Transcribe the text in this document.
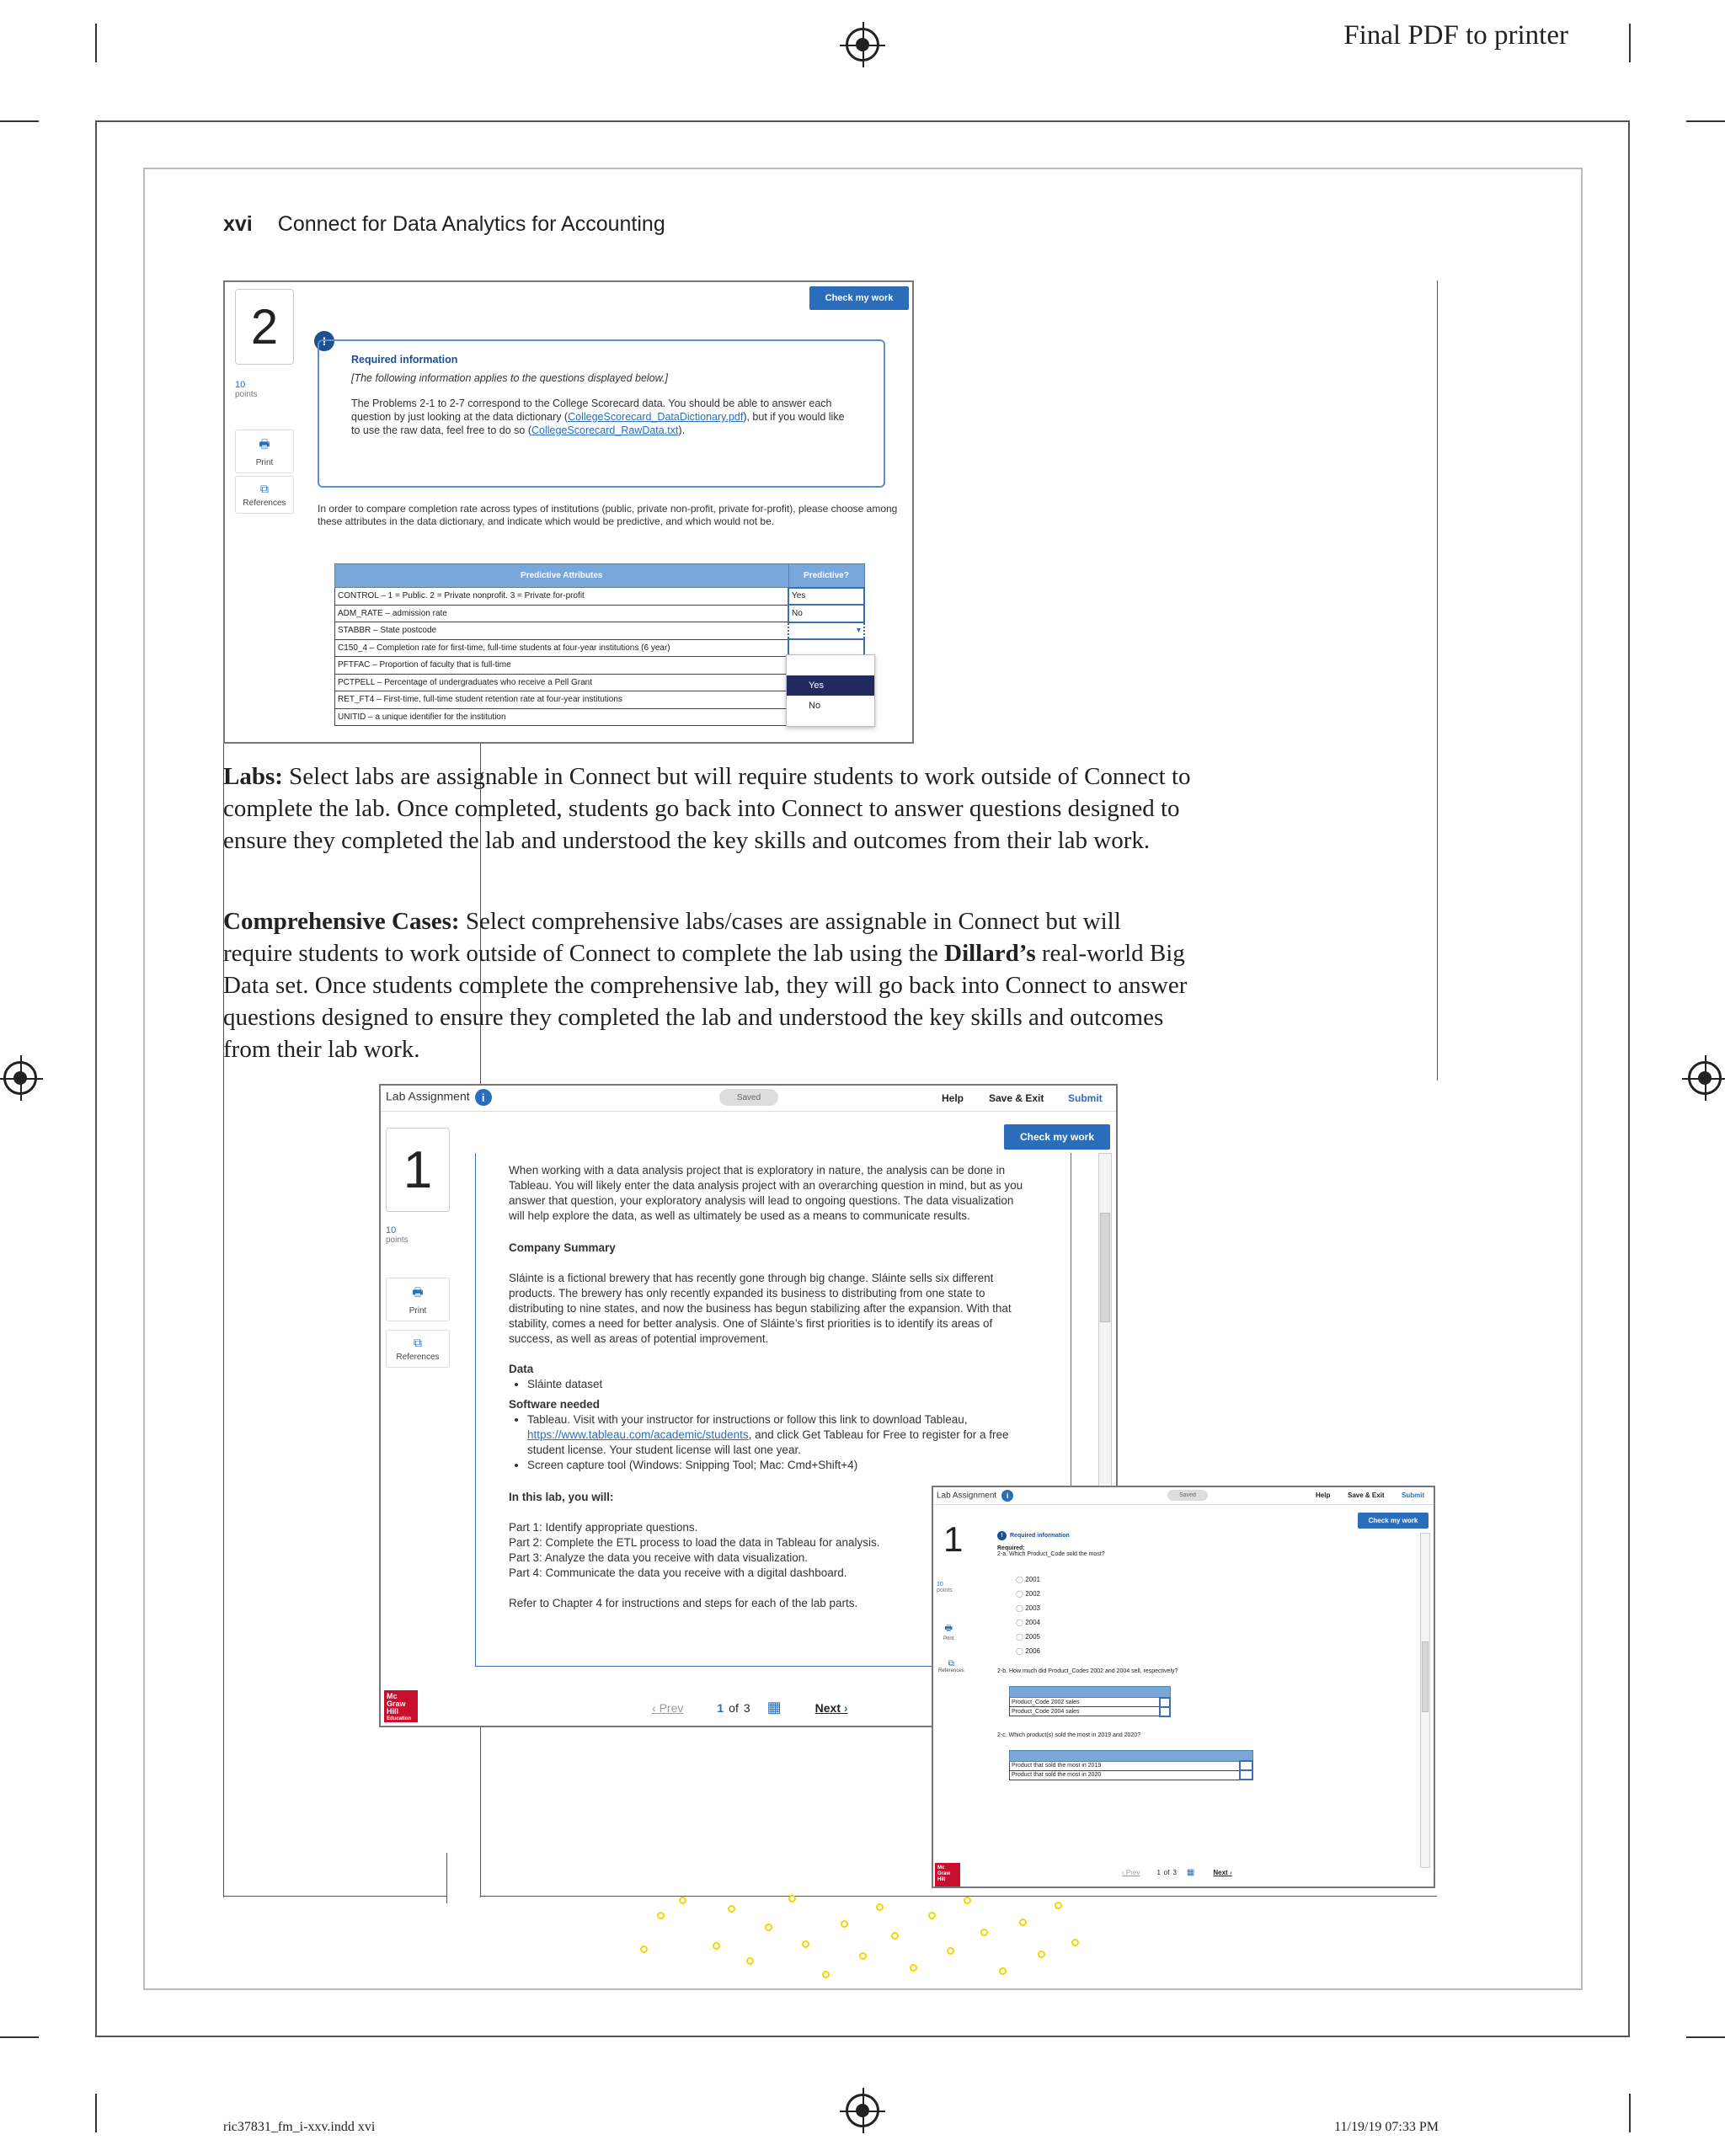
Final PDF to printer
xvi Connect for Data Analytics for Accounting
2
10
points
🖶
Print
⧉
References
Check my work
!
Required information

[The following information applies to the questions displayed below.]

The Problems 2-1 to 2-7 correspond to the College Scorecard data. You should be able to answer each question by just looking at the data dictionary (CollegeScorecard_DataDictionary.pdf), but if you would like to use the raw data, feel free to do so (CollegeScorecard_RawData.txt).

In order to compare completion rate across types of institutions (public, private non-profit, private for-profit), please choose among these attributes in the data dictionary, and indicate which would be predictive, and which would not be.
Predictive Attributes	Predictive?
CONTROL – 1 = Public. 2 = Private nonprofit. 3 = Private for-profit	Yes
ADM_RATE – admission rate	No
STABBR – State postcode	▾
C150_4 – Completion rate for first-time, full-time students at four-year institutions (6 year)	
PFTFAC – Proportion of faculty that is full-time	
PCTPELL – Percentage of undergraduates who receive a Pell Grant	
RET_FT4 – First-time, full-time student retention rate at four-year institutions	
UNITID – a unique identifier for the institution	
Yes
No
Labs: Select labs are assignable in Connect but will require students to work outside of Connect to complete the lab. Once completed, students go back into Connect to answer questions designed to ensure they completed the lab and understood the key skills and outcomes from their lab work.
Comprehensive Cases: Select comprehensive labs/cases are assignable in Connect but will require students to work outside of Connect to complete the lab using the Dillard’s real-world Big Data set. Once students complete the comprehensive lab, they will go back into Connect to answer questions designed to ensure they completed the lab and understood the key skills and outcomes from their lab work.
Lab Assignment i	Saved	Help Save & Exit Submit
Check my work
1
10
points
🖶
Print
⧉
References

When working with a data analysis project that is exploratory in nature, the analysis can be done in Tableau. You will likely enter the data analysis project with an overarching question in mind, but as you answer that question, your exploratory analysis will lead to ongoing questions. The data visualization will help explore the data, as well as ultimately be used as a means to communicate results.

Company Summary

Sláinte is a fictional brewery that has recently gone through big change. Sláinte sells six different products. The brewery has only recently expanded its business to distributing from one state to distributing to nine states, and now the business has begun stabilizing after the expansion. With that stability, comes a need for better analysis. One of Sláinte’s first priorities is to identify its areas of success, as well as areas of potential improvement.

Data
• Sláinte dataset
Software needed
• Tableau. Visit with your instructor for instructions or follow this link to download Tableau, https://www.tableau.com/academic/students, and click Get Tableau for Free to register for a free student license. Your student license will last one year.
• Screen capture tool (Windows: Snipping Tool; Mac: Cmd+Shift+4)
In this lab, you will:

Part 1: Identify appropriate questions.

Part 2: Complete the ETL process to load the data in Tableau for analysis.

Part 3: Analyze the data you receive with data visualization.

Part 4: Communicate the data you receive with a digital dashboard.

Refer to Chapter 4 for instructions and steps for each of the lab parts.

Mc
Graw
Hill
Education
‹ Prev	1 of 3 ▦	Next ›
Lab Assignment i	Saved	Help	Save & Exit	Submit
Check my work
1
10
points
🖶
Print
⧉
References
! Required information
Required:
2-a. Which Product_Code sold the most?
◯ 2001
◯ 2002
◯ 2003
◯ 2004
◯ 2005
◯ 2006
2-b. How much did Product_Codes 2002 and 2004 sell, respectively?

Product_Code 2002 sales	
Product_Code 2004 sales	
2-c. Which product(s) sold the most in 2019 and 2020?

Product that sold the most in 2019	
Product that sold the most in 2020	
Mc
Graw
Hill
‹ Prev	1 of 3 ▦	Next ›
ric37831_fm_i-xxv.indd xvi	11/19/19 07:33 PM
